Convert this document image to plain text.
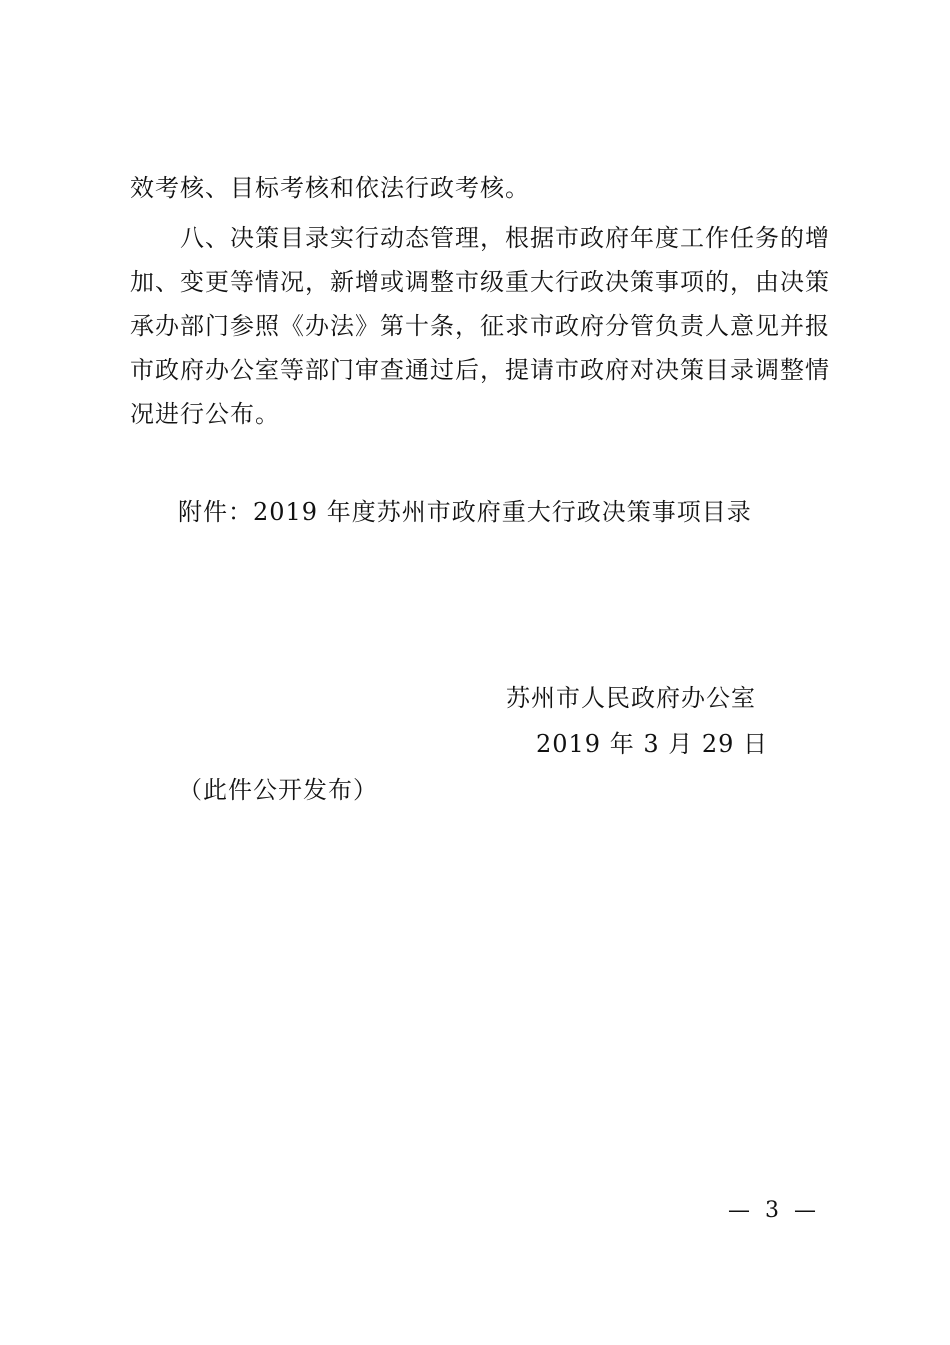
效考核、目标考核和依法行政考核。
　　八、决策目录实行动态管理，根据市政府年度工作任务的增
加、变更等情况，新增或调整市级重大行政决策事项的，由决策
承办部门参照《办法》第十条，征求市政府分管负责人意见并报
市政府办公室等部门审查通过后，提请市政府对决策目录调整情
况进行公布。
附件：2019 年度苏州市政府重大行政决策事项目录
苏州市人民政府办公室
2019 年 3 月 29 日
（此件公开发布）
— 3 —
